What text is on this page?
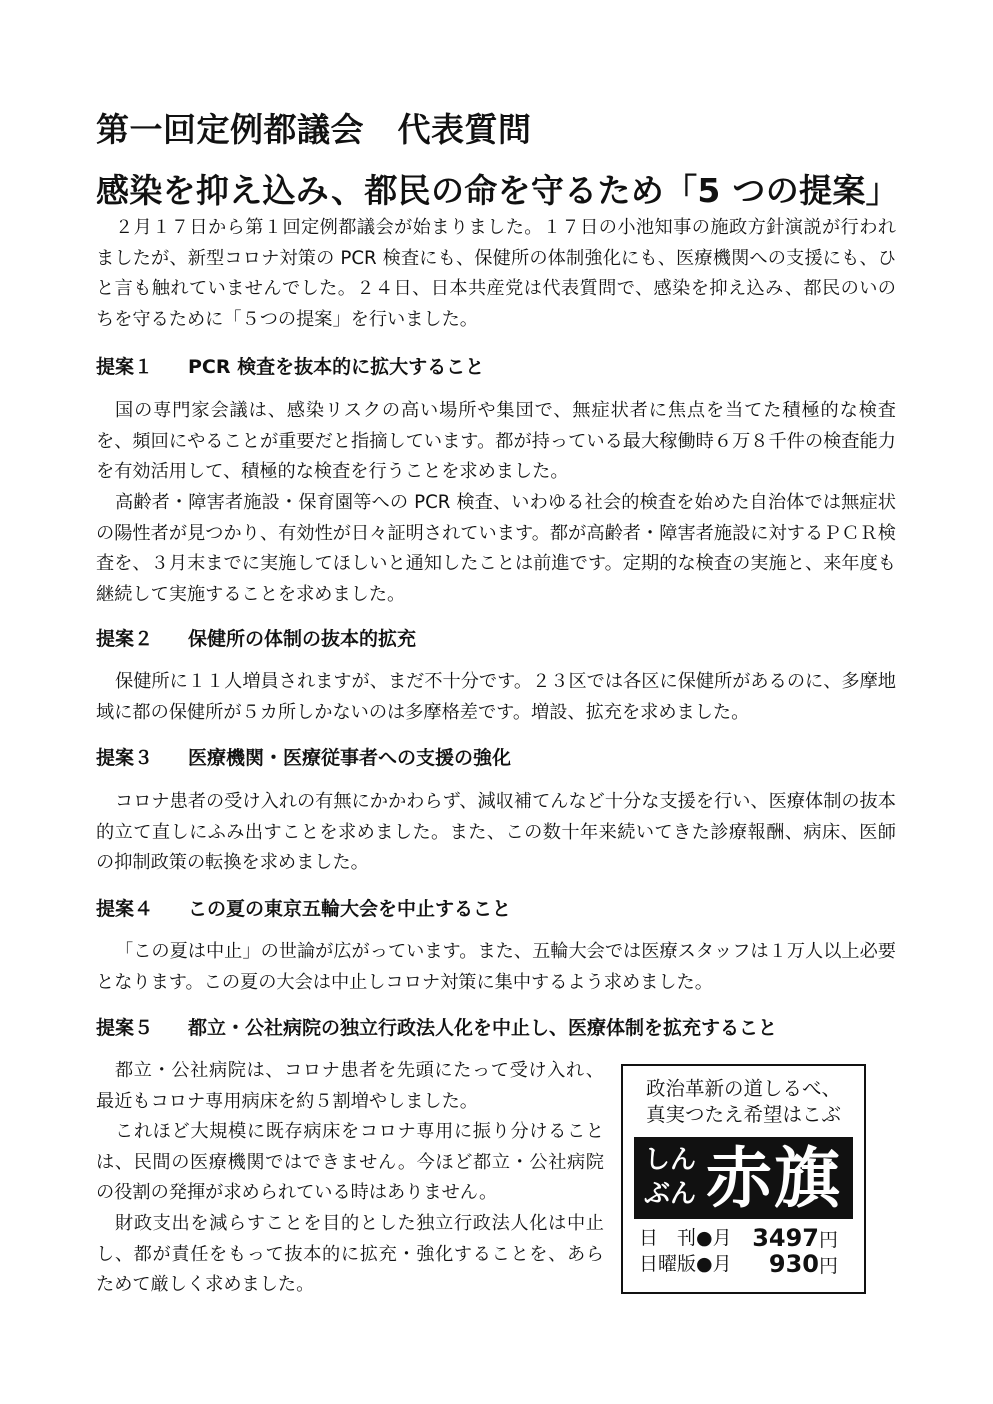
第一回定例都議会　代表質問
感染を抑え込み、都民の命を守るため「5 つの提案」

２月１７日から第１回定例都議会が始まりました。１７日の小池知事の施政方針演説が行われましたが、新型コロナ対策の PCR 検査にも、保健所の体制強化にも、医療機関への支援にも、ひと言も触れていませんでした。２４日、日本共産党は代表質問で、感染を抑え込み、都民のいのちを守るために「５つの提案」を行いました。

提案１ PCR 検査を抜本的に拡大すること

国の専門家会議は、感染リスクの高い場所や集団で、無症状者に焦点を当てた積極的な検査を、頻回にやることが重要だと指摘しています。都が持っている最大稼働時６万８千件の検査能力を有効活用して、積極的な検査を行うことを求めました。

高齢者・障害者施設・保育園等への PCR 検査、いわゆる社会的検査を始めた自治体では無症状の陽性者が見つかり、有効性が日々証明されています。都が高齢者・障害者施設に対するＰＣＲ検査を、３月末までに実施してほしいと通知したことは前進です。定期的な検査の実施と、来年度も継続して実施することを求めました。

提案２ 保健所の体制の抜本的拡充

保健所に１１人増員されますが、まだ不十分です。２３区では各区に保健所があるのに、多摩地域に都の保健所が５カ所しかないのは多摩格差です。増設、拡充を求めました。

提案３ 医療機関・医療従事者への支援の強化

コロナ患者の受け入れの有無にかかわらず、減収補てんなど十分な支援を行い、医療体制の抜本的立て直しにふみ出すことを求めました。また、この数十年来続いてきた診療報酬、病床、医師の抑制政策の転換を求めました。

提案４ この夏の東京五輪大会を中止すること

「この夏は中止」の世論が広がっています。また、五輪大会では医療スタッフは１万人以上必要となります。この夏の大会は中止しコロナ対策に集中するよう求めました。

提案５ 都立・公社病院の独立行政法人化を中止し、医療体制を拡充すること

都立・公社病院は、コロナ患者を先頭にたって受け入れ、最近もコロナ専用病床を約５割増やしました。

これほど大規模に既存病床をコロナ専用に振り分けることは、民間の医療機関ではできません。今ほど都立・公社病院の役割の発揮が求められている時はありません。

財政支出を減らすことを目的とした独立行政法人化は中止し、都が責任をもって抜本的に拡充・強化することを、あらためて厳しく求めました。

政治革新の道しるべ、
真実つたえ希望はこぶ
しん
ぶん 赤旗
日　刊●月 3497円
日曜版●月 930円
